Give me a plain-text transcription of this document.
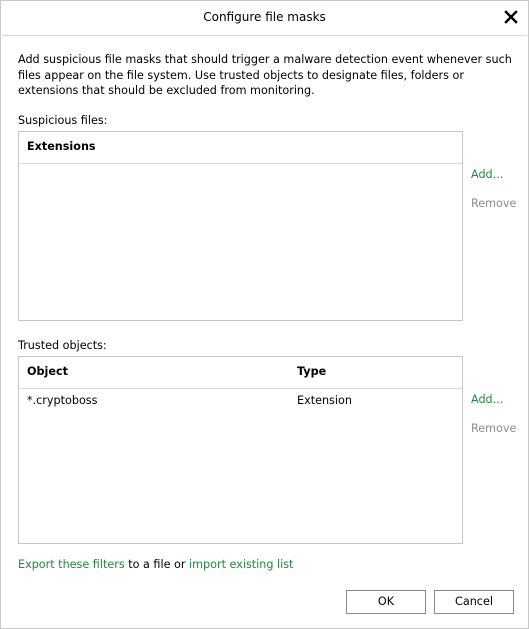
Configure file masks
Add suspicious file masks that should trigger a malware detection event whenever such files appear on the file system. Use trusted objects to designate files, folders or extensions that should be excluded from monitoring.
Suspicious files:
Extensions
Add...
Remove
Trusted objects:
Object	Type
*.cryptoboss	Extension	Add...
Remove
Export these filters to a file or import existing list
OK	Cancel
